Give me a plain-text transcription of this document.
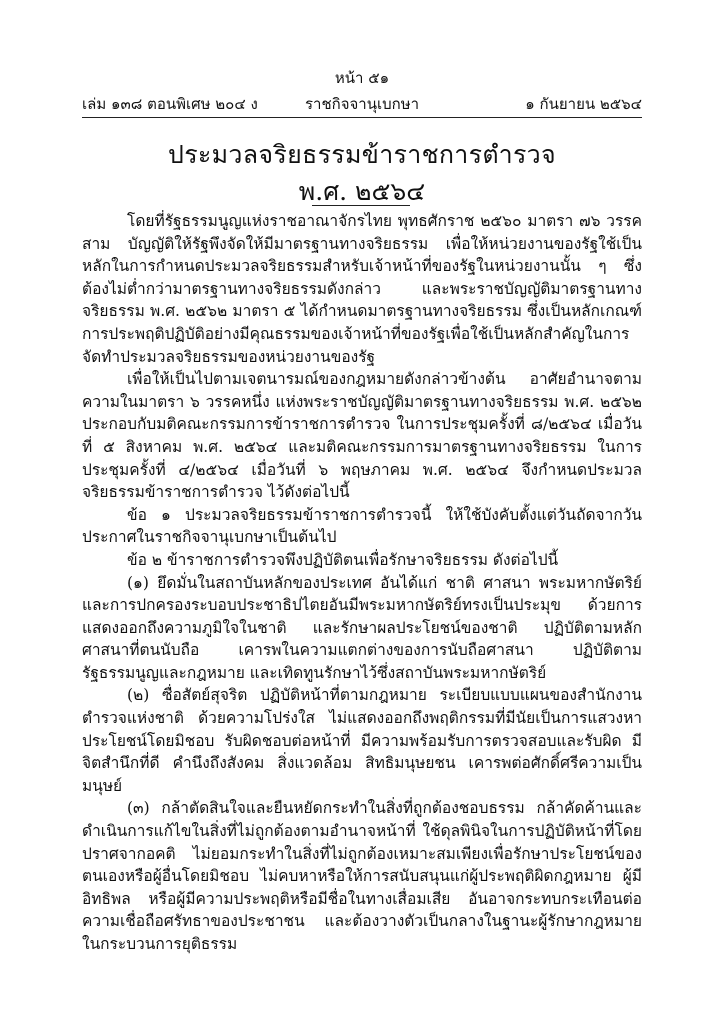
หน้า ๕๑
เล่ม ๑๓๘ ตอนพิเศษ ๒๐๔ ง	ราชกิจจานุเบกษา	๑ กันยายน ๒๕๖๔
ประมวลจริยธรรมข้าราชการตำรวจ
พ.ศ. ๒๕๖๔

โดยที่รัฐธรรมนูญแห่งราชอาณาจักรไทย พุทธศักราช ๒๕๖๐ มาตรา ๗๖ วรรคสาม บัญญัติให้รัฐพึงจัดให้มีมาตรฐานทางจริยธรรม เพื่อให้หน่วยงานของรัฐใช้เป็นหลักในการกำหนดประมวลจริยธรรมสำหรับเจ้าหน้าที่ของรัฐในหน่วยงานนั้น ๆ ซึ่งต้องไม่ต่ำกว่ามาตรฐานทางจริยธรรมดังกล่าว และพระราชบัญญัติมาตรฐานทางจริยธรรม พ.ศ. ๒๕๖๒ มาตรา ๕ ได้กำหนดมาตรฐานทางจริยธรรม ซึ่งเป็นหลักเกณฑ์การประพฤติปฏิบัติอย่างมีคุณธรรมของเจ้าหน้าที่ของรัฐเพื่อใช้เป็นหลักสำคัญในการจัดทำประมวลจริยธรรมของหน่วยงานของรัฐ

เพื่อให้เป็นไปตามเจตนารมณ์ของกฎหมายดังกล่าวข้างต้น อาศัยอำนาจตามความในมาตรา ๖ วรรคหนึ่ง แห่งพระราชบัญญัติมาตรฐานทางจริยธรรม พ.ศ. ๒๕๖๒ ประกอบกับมติคณะกรรมการข้าราชการตำรวจ ในการประชุมครั้งที่ ๘/๒๕๖๔ เมื่อวันที่ ๕ สิงหาคม พ.ศ. ๒๕๖๔ และมติคณะกรรมการมาตรฐานทางจริยธรรม ในการประชุมครั้งที่ ๔/๒๕๖๔ เมื่อวันที่ ๖ พฤษภาคม พ.ศ. ๒๕๖๔ จึงกำหนดประมวลจริยธรรมข้าราชการตำรวจ ไว้ดังต่อไปนี้

ข้อ ๑ ประมวลจริยธรรมข้าราชการตำรวจนี้ ให้ใช้บังคับตั้งแต่วันถัดจากวันประกาศในราชกิจจานุเบกษาเป็นต้นไป

ข้อ ๒ ข้าราชการตำรวจพึงปฏิบัติตนเพื่อรักษาจริยธรรม ดังต่อไปนี้

(๑) ยึดมั่นในสถาบันหลักของประเทศ อันได้แก่ ชาติ ศาสนา พระมหากษัตริย์ และการปกครองระบอบประชาธิปไตยอันมีพระมหากษัตริย์ทรงเป็นประมุข ด้วยการแสดงออกถึงความภูมิใจในชาติ และรักษาผลประโยชน์ของชาติ ปฏิบัติตามหลักศาสนาที่ตนนับถือ เคารพในความแตกต่างของการนับถือศาสนา ปฏิบัติตามรัฐธรรมนูญและกฎหมาย และเทิดทูนรักษาไว้ซึ่งสถาบันพระมหากษัตริย์

(๒) ซื่อสัตย์สุจริต ปฏิบัติหน้าที่ตามกฎหมาย ระเบียบแบบแผนของสำนักงานตำรวจแห่งชาติ ด้วยความโปร่งใส ไม่แสดงออกถึงพฤติกรรมที่มีนัยเป็นการแสวงหาประโยชน์โดยมิชอบ รับผิดชอบต่อหน้าที่ มีความพร้อมรับการตรวจสอบและรับผิด มีจิตสำนึกที่ดี คำนึงถึงสังคม สิ่งแวดล้อม สิทธิมนุษยชน เคารพต่อศักดิ์ศรีความเป็นมนุษย์

(๓) กล้าตัดสินใจและยืนหยัดกระทำในสิ่งที่ถูกต้องชอบธรรม กล้าคัดค้านและดำเนินการแก้ไขในสิ่งที่ไม่ถูกต้องตามอำนาจหน้าที่ ใช้ดุลพินิจในการปฏิบัติหน้าที่โดยปราศจากอคติ ไม่ยอมกระทำในสิ่งที่ไม่ถูกต้องเหมาะสมเพียงเพื่อรักษาประโยชน์ของตนเองหรือผู้อื่นโดยมิชอบ ไม่คบหาหรือให้การสนับสนุนแก่ผู้ประพฤติผิดกฎหมาย ผู้มีอิทธิพล หรือผู้มีความประพฤติหรือมีชื่อในทางเสื่อมเสีย อันอาจกระทบกระเทือนต่อความเชื่อถือศรัทธาของประชาชน และต้องวางตัวเป็นกลางในฐานะผู้รักษากฎหมายในกระบวนการยุติธรรม
